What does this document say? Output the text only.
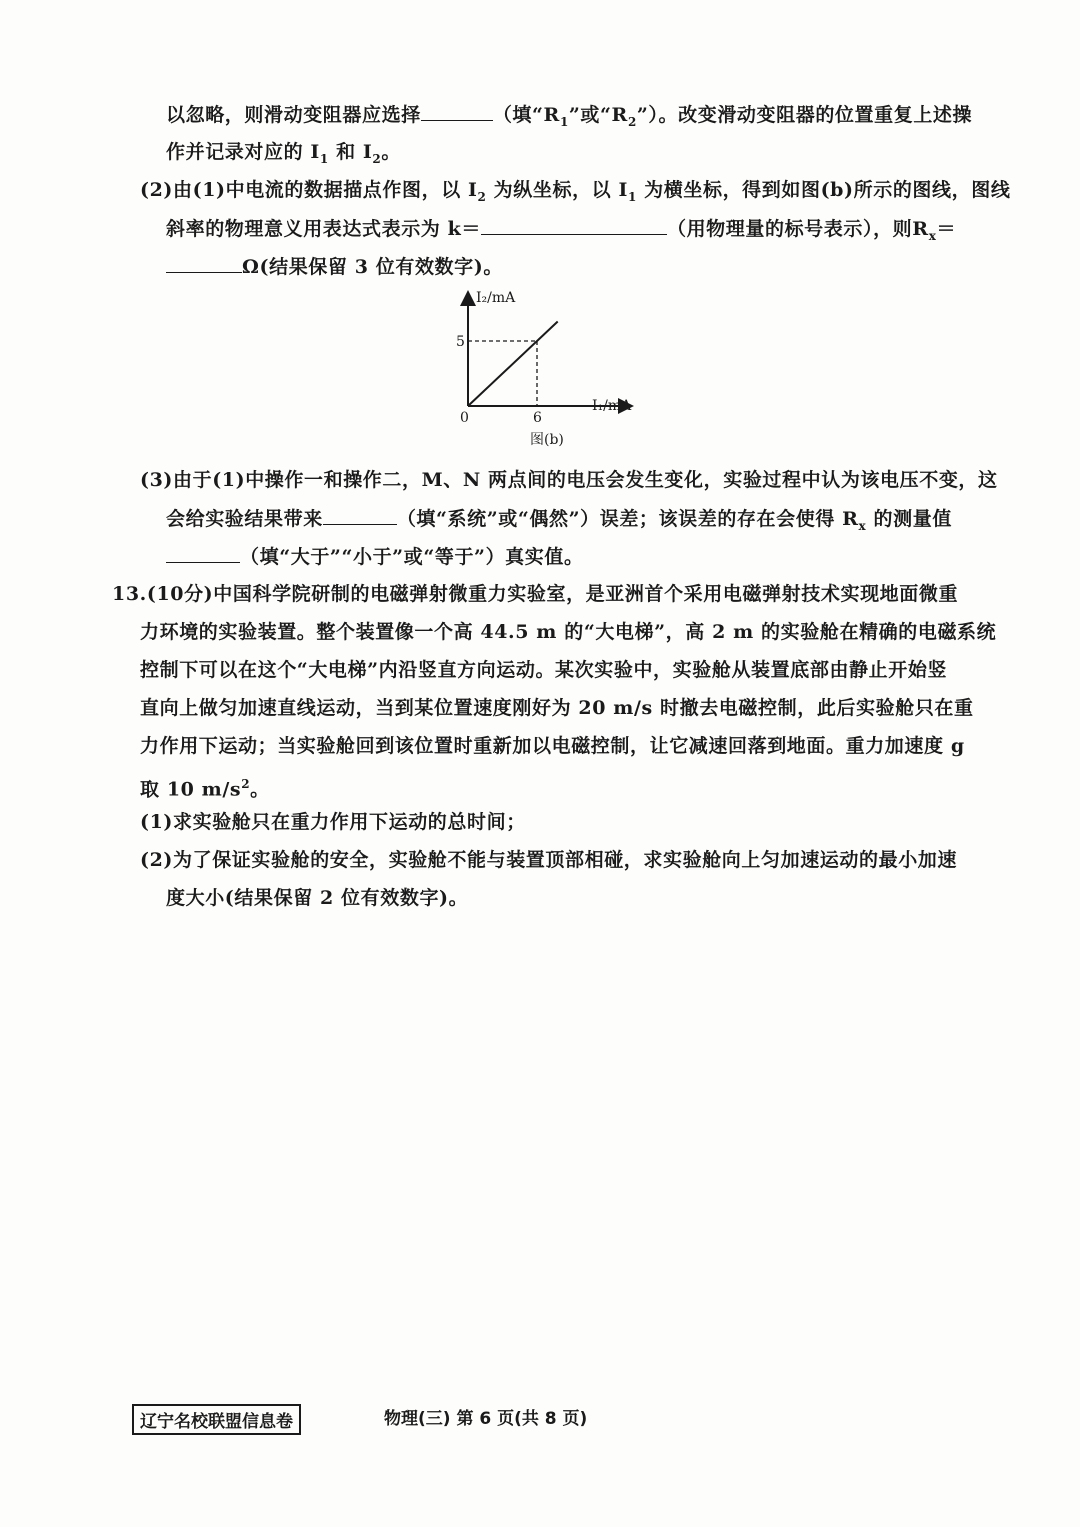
以忽略，则滑动变阻器应选择	（填“$R_1$”或“$R_2$”）。改变滑动变阻器的位置重复上述操
作并记录对应的 $I_1$ 和 $I_2$。
(2)由(1)中电流的数据描点作图，以 $I_2$ 为纵坐标，以 $I_1$ 为横坐标，得到如图(b)所示的图线，图线
斜率的物理意义用表达式表示为 k＝	（用物理量的标号表示），则$R_x=$
Ω(结果保留 3 位有效数字)。
I₂/mA
I₁/mA
0
5
6
图(b)
(3)由于(1)中操作一和操作二，M、N 两点间的电压会发生变化，实验过程中认为该电压不变，这
会给实验结果带来	（填“系统”或“偶然”）误差；该误差的存在会使得 $R_x$ 的测量值
（填“大于”“小于”或“等于”）真实值。
13.(10分)中国科学院研制的电磁弹射微重力实验室，是亚洲首个采用电磁弹射技术实现地面微重
力环境的实验装置。整个装置像一个高 44.5 m 的“大电梯”，高 2 m 的实验舱在精确的电磁系统
控制下可以在这个“大电梯”内沿竖直方向运动。某次实验中，实验舱从装置底部由静止开始竖
直向上做匀加速直线运动，当到某位置速度刚好为 20 m/s 时撤去电磁控制，此后实验舱只在重
力作用下运动；当实验舱回到该位置时重新加以电磁控制，让它减速回落到地面。重力加速度 g
取 10 $m/s^2$。
(1)求实验舱只在重力作用下运动的总时间；
(2)为了保证实验舱的安全，实验舱不能与装置顶部相碰，求实验舱向上匀加速运动的最小加速
度大小(结果保留 2 位有效数字)。
辽宁名校联盟信息卷	物理(三) 第 6 页(共 8 页)
